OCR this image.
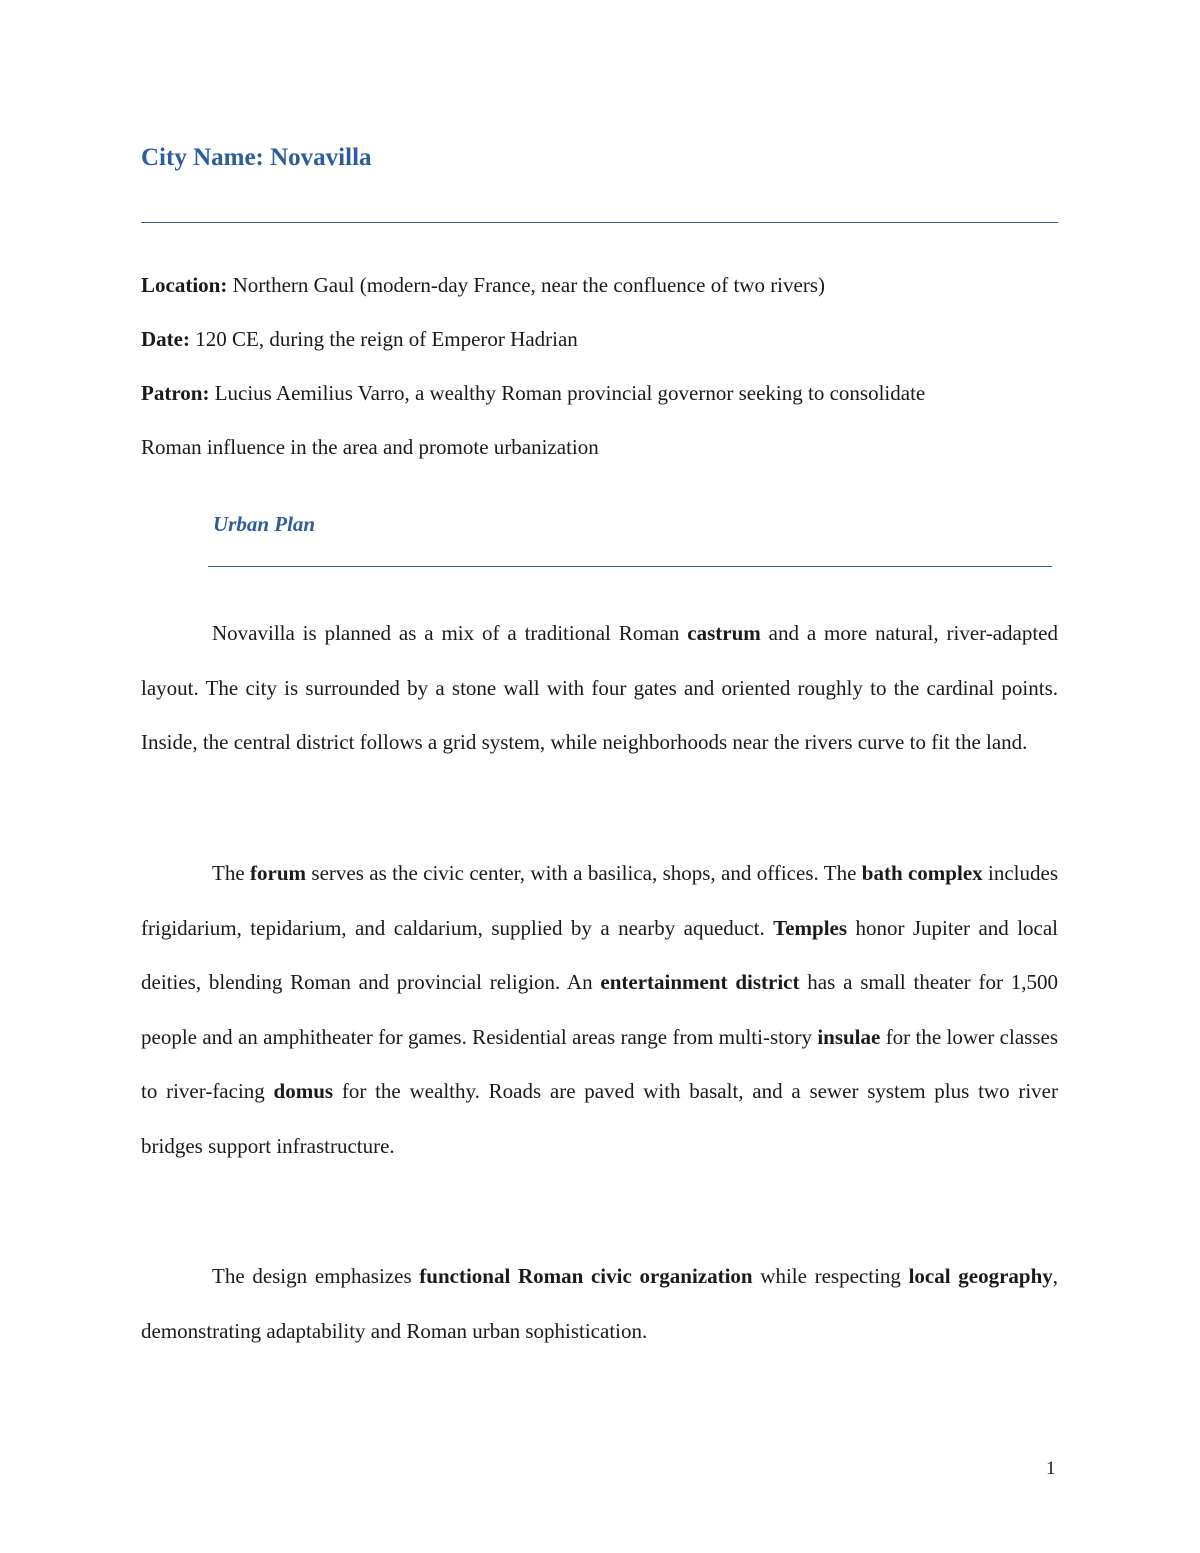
City Name: Novavilla

Location: Northern Gaul (modern-day France, near the confluence of two rivers)

Date: 120 CE, during the reign of Emperor Hadrian

Patron: Lucius Aemilius Varro, a wealthy Roman provincial governor seeking to consolidate

Roman influence in the area and promote urbanization

Urban Plan

Novavilla is planned as a mix of a traditional Roman castrum and a more natural, river-adapted layout. The city is surrounded by a stone wall with four gates and oriented roughly to the cardinal points. Inside, the central district follows a grid system, while neighborhoods near the rivers curve to fit the land.

The forum serves as the civic center, with a basilica, shops, and offices. The bath complex includes frigidarium, tepidarium, and caldarium, supplied by a nearby aqueduct. Temples honor Jupiter and local deities, blending Roman and provincial religion. An entertainment district has a small theater for 1,500 people and an amphitheater for games. Residential areas range from multi-story insulae for the lower classes to river-facing domus for the wealthy. Roads are paved with basalt, and a sewer system plus two river bridges support infrastructure.

The design emphasizes functional Roman civic organization while respecting local geography, demonstrating adaptability and Roman urban sophistication.

1
